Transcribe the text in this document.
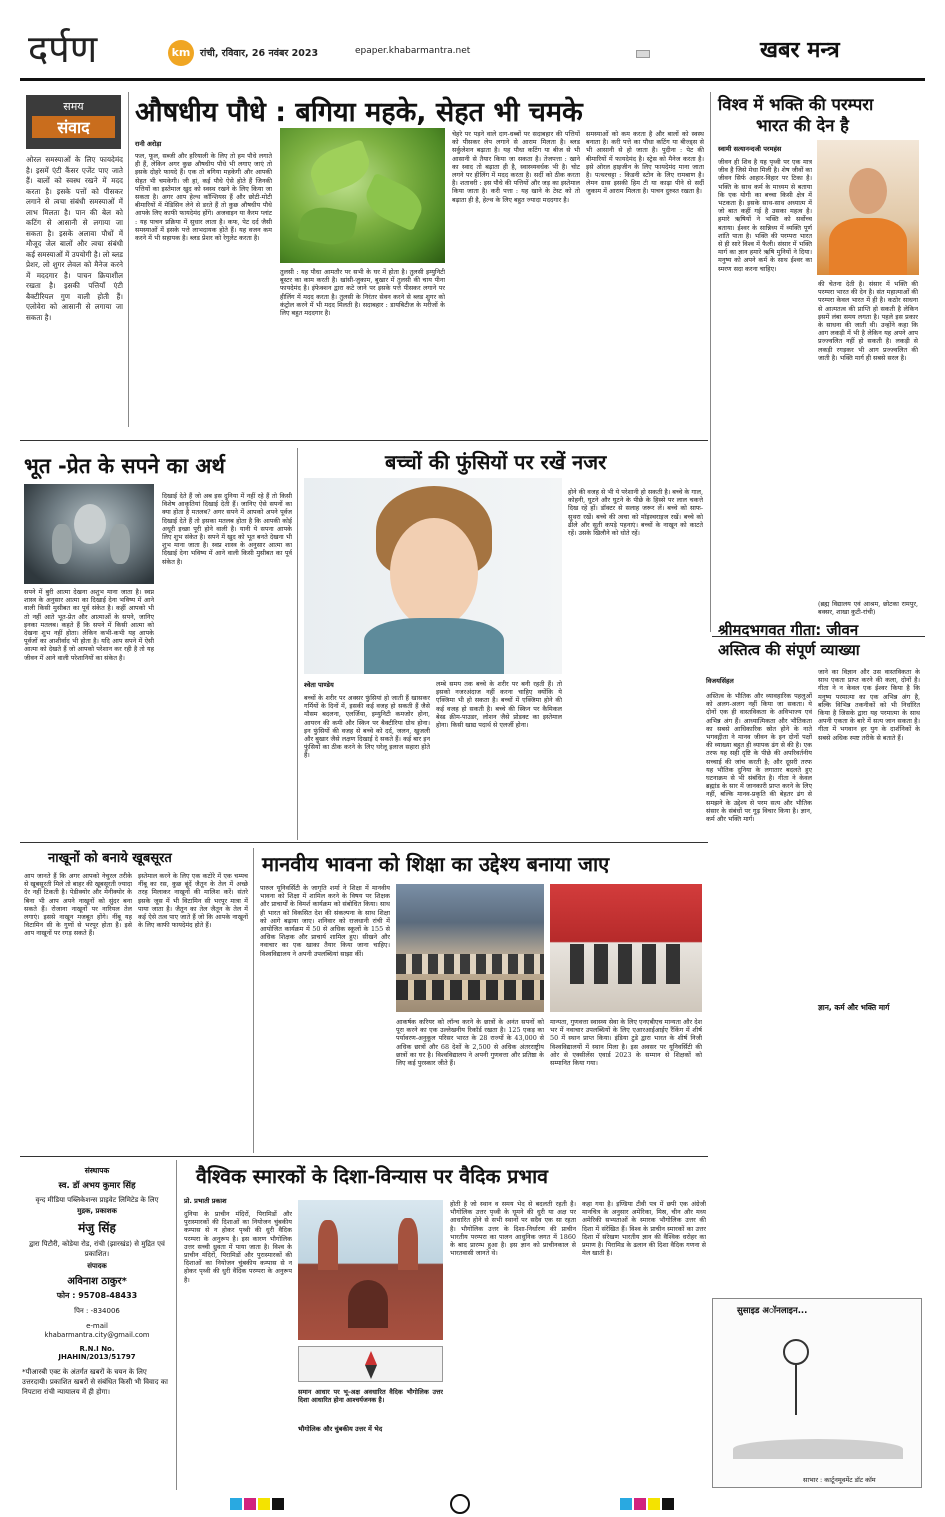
दर्पण	km	रांची, रविवार, 26 नवंबर 2023	epaper.khabarmantra.net	खबर मन्त्र
समय
संवाद
ओरल समस्याओं के लिए फायदेमंद है। इसमें एंटी कैंसर एजेंट पाए जाते हैं। बालों को स्वस्थ रखने में मदद करता है। इसके पत्तों को पीसकर लगाने से त्वचा संबंधी समस्याओं में लाभ मिलता है। पान की बेल को कटिंग से आसानी से लगाया जा सकता है। इसके अलावा पौधों में मौजूद जेल बालों और त्वचा संबंधी कई समस्याओं में उपयोगी है। लो ब्लड प्रेशर, लो शुगर लेवल को मैनेज करने में मददगार है। पाचन क्रियाशील रखता है। इसकी पत्तियाँ एंटी बैक्टीरियल गुण वाली होती हैं। एलोवेरा को आसानी से लगाया जा सकता है।
औषधीय पौधे : बगिया महके, सेहत भी चमके
रानी अरोड़ा
फल, फूल, सब्जी और हरियाली के लिए तो हम पौधे लगाते ही हैं, लेकिन अगर कुछ औषधीय पौधे भी लगाए जाएं तो इसके दोहरे फायदे हैं। एक तो बगिया महकेगी और आपकी सेहत भी चमकेगी। जी हां, कई पौधे ऐसे होते हैं जिनकी पत्तियों का इस्तेमाल खुद को स्वस्थ रखने के लिए किया जा सकता है। अगर आप हेल्थ कॉन्शियस हैं और छोटी-मोटी बीमारियों में मेडिसिन लेने से डरते हैं तो कुछ औषधीय पौधे आपके लिए काफी फायदेमंद होंगे। अजवाइन या कैरम प्लांट : यह पाचन प्रक्रिया में सुधार लाता है। कफ, पेट दर्द जैसी समस्याओं में इसके पत्ते लाभदायक होते हैं। यह वजन कम करने में भी सहायक है। ब्लड प्रेशर को रेगुलेट करता है।
तुलसी : यह पौधा आमतौर पर सभी के घर में होता है। तुलसी इम्युनिटी बूस्टर का काम करती है। खांसी-जुकाम, बुखार में तुलसी की चाय पीना फायदेमंद है। इंफेक्शन द्वारा कटे जाने पर इसके पत्ते पीसकर लगाने पर हीलिंग में मदद करता है। तुलसी के निरंतर सेवन करने से ब्लड शुगर को कंट्रोल करने में भी मदद मिलती है। सदाबहार : डायबिटीज के मरीजों के लिए बहुत मददगार है।
चेहरे पर पड़ने वाले दाग-धब्बों पर सदाबहार की पत्तियों को पीसकर लेप लगाने से आराम मिलता है। ब्लड सर्कुलेशन बढ़ाता है। यह पौधा कटिंग या बीज से भी आसानी से तैयार किया जा सकता है। तेजपत्ता : खाने का स्वाद तो बढ़ाता ही है, स्वास्थ्यवर्धक भी है। चोट लगने पर हीलिंग में मदद करता है। सर्दी को ठीक करता है। शतावरी : इस पौधे की पत्तियों और जड़ का इस्तेमाल किया जाता है। करी पत्ता : यह खाने के टेस्ट को तो बढ़ाता ही है, हेल्थ के लिए बहुत ज्यादा मददगार है।
समस्याओं को कम करता है और बालों को स्वस्थ बनाता है। करी पत्ते का पौधा कटिंग या बीज्ड्स से भी आसानी से हो जाता है। पुदीना : पेट की बीमारियों में फायदेमंद है। स्ट्रेस को मैनेज करता है। इसे ओरल हाइजीन के लिए फायदेमंद माना जाता है। पत्थरचट्टा : किडनी स्टोन के लिए रामबाण है। लेमन ग्रास इसकी हिम टी या काढ़ा पीने से सर्दी जुकाम में आराम मिलता है। पाचन दुरुस्त रखता है।
विश्व में भक्ति की परम्परा
भारत की देन है
स्वामी सत्यानन्दजी परमहंस
जीवन ही शिव है यह पृथ्वी पर एक मात्र जीव है जिसे मेधा मिली है। शेष जीवों का जीवन सिर्फ आहार-विहार पर टिका है। भक्ति के साथ कर्म के माध्यम से बताया कि एक योगी का बच्चा किसी क्षेत्र में भटकता है। इसके साथ-साथ अध्यात्म में जो बात कहीं गई है उसका महत्व है। हमारे ऋषियों ने भक्ति को सर्वोच्च बताया। ईश्वर के सान्निध्य में व्यक्ति पूर्ण शांति पाता है। भक्ति की परम्परा भारत से ही सारे विश्व में फैली। संसार में भक्ति मार्ग का ज्ञान हमारे ऋषि मुनियों ने दिया। मनुष्य को अपने कर्म के साथ ईश्वर का स्मरण सदा करना चाहिए।
की चेतना देती है। संसार में भक्ति की परम्परा भारत की देन है। संत महात्माओं की परम्परा केवल भारत में ही है। कठोर साधना से आत्मतत्व की प्राप्ति हो सकती है लेकिन इसमें लंबा समय लगता है। पहले इस प्रकार के साधना की जाती थी। उन्होंने कहा कि आग लकड़ी में भी है लेकिन यह अपने आप प्रज्ज्वलित नहीं हो सकती है। लकड़ी से लकड़ी रगड़कर भी आग प्रज्ज्वलित की जाती है। भक्ति मार्ग ही सबसे सरल है।
(ब्रह्म विद्यालय एवं आश्रम, छोटका रामपुर, बक्सर, शाखा कुटी-रांची)
भूत -प्रेत के सपने का अर्थ
सपने में बुरी आत्मा देखना अशुभ माना जाता है। स्वप्न शास्त्र के अनुसार आत्मा का दिखाई देना भविष्य में आने वाली किसी मुसीबत का पूर्व संकेत है। कहीं आपको भी तो नहीं आते भूत-प्रेत और आत्माओं के सपने, जानिए इनका मतलब। कहते हैं कि सपने में किसी आत्मा को देखना शुभ नहीं होता। लेकिन कभी-कभी यह आपके पूर्वजों का आशीर्वाद भी होता है। यदि आप सपने में ऐसी आत्मा को देखते हैं जो आपको परेशान कर रही है तो यह जीवन में आने वाली परेशानियों का संकेत है।
दिखाई देते हैं जो अब इस दुनिया में नहीं रहे हैं तो किसी विशेष आकृतियां दिखाई देती हैं। जानिए ऐसे सपनों का क्या होता है मतलब? अगर सपने में आपको अपने पूर्वज दिखाई देते हैं तो इसका मतलब होता है कि आपकी कोई अधूरी इच्छा पूरी होने वाली है। यानी ये सपना आपके लिए शुभ संकेत है। सपने में खुद को भूत बनते देखना भी शुभ माना जाता है। स्वप्न शास्त्र के अनुसार आत्मा का दिखाई देना भविष्य में आने वाली किसी मुसीबत का पूर्व संकेत है।
बच्चों की फुंसियों पर रखें नजर
श्वेता पाण्डेय
बच्चों के शरीर पर अक्सर फुंसियां हो जाती हैं खासकर गर्मियों के दिनों में, इसकी कई वजह हो सकती हैं जैसे मौसम बदलना, एलर्जिया, इम्युनिटी कमजोर होना, आयरन की कमी और स्किन पर बैक्टीरिया ग्रोथ होना। इन फुंसियों की वजह से बच्चे को दर्द, जलन, खुजली और बुखार जैसे लक्षण दिखाई दे सकते हैं। कई बार इन फुंसियों का ठीक करने के लिए घरेलू इलाज सहारा होते हैं।
लम्बे समय तक बच्चे के शरीर पर बनी रहती हैं। तो इसको नजरअंदाज नहीं करना चाहिए क्योंकि ये एक्जिमा भी हो सकता है। बच्चों में एक्जिमा होने की कई वजह हो सकती है। बच्चे की स्किन पर कैमिकल बेस्ड क्रीम-पाउडर, लोशन जैसे प्रोडक्ट का इस्तेमाल होना। किसी खाद्य पदार्थ से एलर्जी होना।
होने की वजह से भी ये परेशानी हो सकती है। बच्चे के गाल, कोहनी, घुटने और घुटने के पीछे के हिस्से पर लाल चकत्ते दिख रहे हों। डॉक्टर से सलाह जरूर लें। बच्चे को साफ-सुथरा रखें। बच्चे की त्वचा को मॉइस्चराइज रखें। बच्चे को ढीले और सूती कपड़े पहनाएं। बच्चों के नाखून को काटते रहें। उसके खिलौने को धोते रहें।
श्रीमदभगवत गीता: जीवन
अस्तित्व की संपूर्ण व्याख्या
विजयसिंहल
अस्तित्व के भौतिक और व्यावहारिक पहलुओं को अलग-अलग नहीं किया जा सकता। ये दोनों एक ही वास्तविकता के अविभाज्य एवं अभिन्न अंग हैं। आध्यात्मिकता और भौतिकता का सबसे आधिकारिक स्रोत होने के नाते भगवद्गीता ने मानव जीवन के इन दोनों पक्षों की व्याख्या बहुत ही व्यापक ढंग से की है। एक तरफ यह सही दृष्टि के पीछे की अपरिवर्तनीय सच्चाई की जांच करती है; और दूसरी तरफ यह भौतिक दुनिया के लगातार बदलते हुए घटनाक्रम से भी संबंधित है। गीता ने केवल ब्रह्मांड के सार में जानकारी प्राप्त करने के लिए नहीं, बल्कि मानव-प्रकृति की बेहतर ढंग से समझने के उद्देश्य से परम सत्य और भौतिक संसार के संबंधों पर गूढ़ विचार किया है। ज्ञान, कर्म और भक्ति मार्ग।
जाने का विज्ञान और उस वास्तविकता के साथ एकता प्राप्त करने की कला, दोनों है। गीता ने न केवल एक ईश्वर किया है कि मनुष्य परमात्मा का एक अभिन्न अंग है, बल्कि विभिन्न तकनीकों को भी निर्धारित किया है जिसके द्वारा यह परमात्मा के साथ अपनी एकता के बारे में सत्य जान सकता है। गीता में भगवान हर युग के दार्शनिकों के सबसे अधिक स्पष्ट तरीके से बताते हैं।
ज्ञान, कर्म और भक्ति मार्ग
नाखूनों को बनाये खूबसूरत
आप जानते हैं कि अगर आपको नेचुरल तरीके से खूबसूरती मिले तो बाहर की खूबसूरती ज्यादा देर नहीं टिकती है। पेडीक्योर और मेनीक्योर के बिना भी आप अपने नाखूनों को सुंदर बना सकते हैं। रोजाना नाखूनों पर नारियल तेल लगाएं। इससे नाखून मजबूत होंगे। नींबू यह विटामिन सी के गुणों से भरपूर होता है। इसे आप नाखूनों पर रगड़ सकते हैं।
इस्तेमाल करने के लिए एक कटोरे में एक चम्मच नींबू का रस, कुछ बूंदें जैतून के तेल में अच्छे तरह मिलाकर नाखूनों की मालिश करें। संतरे इसके जूस में भी विटामिन सी भरपूर मात्रा में पाया जाता है। जैतून का तेल जैतून के तेल में कई ऐसे तत्व पाए जाते हैं जो कि आपके नाखूनों के लिए काफी फायदेमंद होते हैं।
मानवीय भावना को शिक्षा का उद्देश्य बनाया जाए
पारुल यूनिवर्सिटी के जागृति शर्मा ने शिक्षा में मानवीय भावना को शिक्षा में शामिल करने के विषय पर शिक्षक और प्राचार्यों के विमर्श कार्यक्रम को संबोधित किया। साथ ही भारत को विकसित देश की संकल्पना के साथ शिक्षा को आगे बढ़ाया जाए। शनिवार को राजधानी रांची में आयोजित कार्यक्रम में 50 से अधिक स्कूलों के 155 से अधिक शिक्षक और प्राचार्य शामिल हुए। सीखने और नवाचार का एक खाका तैयार किया जाना चाहिए। विश्वविद्यालय ने अपनी उपलब्धियां साझा कीं।
आकर्षक करियर को लॉन्च करने के छात्रों के अनंत सपनों को पूरा करने का एक उल्लेखनीय रिकॉर्ड रखता है। 125 एकड़ का पर्यावरण-अनुकूल परिसर भारत के 28 राज्यों के 43,000 से अधिक छात्रों और 68 देशों के 2,500 से अधिक अंतरराष्ट्रीय छात्रों का घर है। विश्वविद्यालय ने अपनी गुणवत्ता और प्रतिष्ठा के लिए कई पुरस्कार जीते हैं।
मान्यता, गुणवत्ता स्वास्थ्य सेवा के लिए एनएबीएच मान्यता और देश भर में नवाचार उपलब्धियों के लिए एआरआईआईए रैंकिंग में शीर्ष 50 में स्थान प्राप्त किया। इंडिया टुडे द्वारा भारत के शीर्ष निजी विश्वविद्यालयों में स्थान मिला है। इस अवसर पर यूनिवर्सिटी की ओर से एक्सीलेंस एवार्ड 2023 के सम्मान से शिक्षकों को सम्मानित किया गया।
संस्थापक
स्व. डॉ अभय कुमार सिंह
वृन्द मीडिया पब्लिकेशन्स प्राइवेट लिमिटेड के लिए
मुद्रक, प्रकाशक
मंजु सिंह
द्वारा पिटौरी, कोडेया रोड, रांची (झारखंड) से मुद्रित एवं प्रकाशित।
संपादक
अविनाश ठाकुर*
फोन : 95708-48433
पिन : -834006
e-mail
khabarmantra.city@gmail.com
R.N.I No.
JHAHIN/2013/51797
*पीआरबी एक्ट के अंतर्गत खबरों के चयन के लिए उत्तरदायी। प्रकाशित खबरों से संबंधित किसी भी विवाद का निपटारा रांची न्यायालय में ही होगा।
वैश्विक स्मारकों के दिशा-विन्यास पर वैदिक प्रभाव
प्रो. प्रभाती प्रकाश
दुनिया के प्राचीन मंदिरों, पिरामिडों और पुरास्मारकों की दिशाओं का नियोजन चुंबकीय कम्पास से न होकर पृथ्वी की धुरी वैदिक परम्परा के अनुरूप है। इस कारण भौगोलिक उत्तर सच्ची ध्रुवता में पाया जाता है। विश्व के प्राचीन मंदिरों, पिरामिडों और पुरास्मारकों की दिशाओं का नियोजन चुंबकीय कम्पास से न होकर पृथ्वी की धुरी वैदिक परम्परा के अनुरूप है।
समान आधार पर भू-अक्ष अवधारित वैदिक भौगोलिक उत्तर दिशा आधारित होना आश्चर्यजनक है।
भौगोलिक और चुंबकीय उत्तर में भेद
होती है जो स्थान व समय भेद से बदलती रहती है। भौगोलिक उत्तर पृथ्वी के घूमने की धुरी या अक्ष पर आधारित होने से सभी स्थानों पर सदैव एक सा रहता है। भौगोलिक उत्तर के दिशा-निर्धारण की प्राचीन भारतीय परम्परा का पालन आधुनिक जगत में 1860 के बाद प्रारम्भ हुआ है। इस ज्ञान को प्राचीनकाल से भारतवासी जानते थे।
कहा गया है। इण्डिया टीवी पत्र में छपी एक अंग्रेजी मानचित्र के अनुसार अमेरिका, मिस्र, चीन और मध्य अमेरिकी सभ्यताओं के स्मारक भौगोलिक उत्तर की दिशा में संरेखित हैं। विश्व के प्राचीन स्मारकों का उत्तर दिशा में संरेखण भारतीय ज्ञान की वैश्विक धरोहर का प्रमाण है। पिरामिड के ढलान की दिशा वैदिक गणना से मेल खाती है।
सुसाइड अॉनलाइन...
साभार : कार्टूनमूवमेंट डॉट कॉम
